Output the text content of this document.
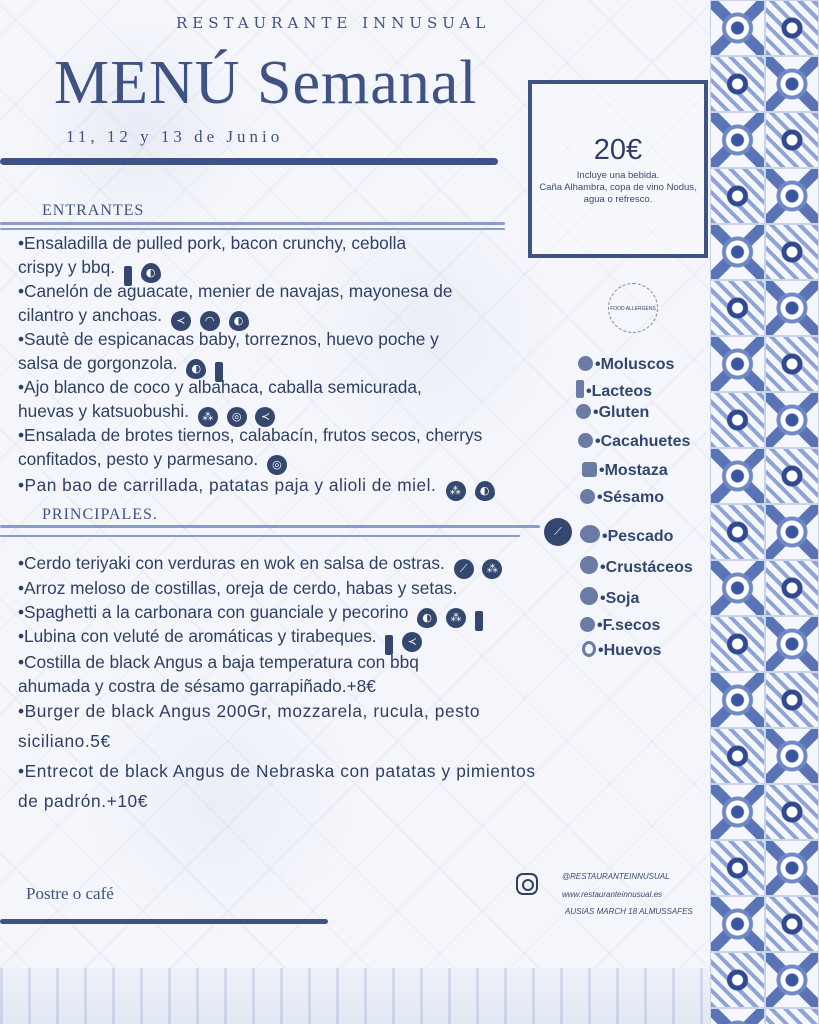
RESTAURANTE INNUSUAL
MENÚ Semanal
11, 12 y 13 de Junio	20€
Incluye una bebida.
Caña Alhambra, copa de vino Nodus,
agua o refresco.
FOOD ALLERGENS
ENTRANTES
•Ensaladilla de pulled pork, bacon crunchy, cebolla
crispy y bbq.	◐
•Canelón de aguacate, menier de navajas, mayonesa de
cilantro y anchoas. ≺ ◠ ◐
•Sautè de espicanacas baby, torreznos, huevo poche y
salsa de gorgonzola. ◐
•Ajo blanco de coco y albahaca, caballa semicurada,
huevas y katsuobushi. ⁂ ◎ ≺
•Ensalada de brotes tiernos, calabacín, frutos secos, cherrys
confitados, pesto y parmesano. ◎
•Pan bao de carrillada, patatas paja y alioli de miel. ⁂ ◐
PRINCIPALES.
⟋
•Cerdo teriyaki con verduras en wok en salsa de ostras. ⟋ ⁂
•Arroz meloso de costillas, oreja de cerdo, habas y setas.
•Spaghetti a la carbonara con guanciale y pecorino ◐ ⁂
•Lubina con veluté de aromáticas y tirabeques.	≺
•Costilla de black Angus a baja temperatura con bbq
ahumada y costra de sésamo garrapiñado.+8€
•Burger de black Angus 200Gr, mozzarela, rucula, pesto
siciliano.5€
•Entrecot de black Angus de Nebraska con patatas y pimientos
de padrón.+10€
•Moluscos
•Lacteos
•Gluten
•Cacahuetes
•Mostaza
•Sésamo
•Pescado
•Crustáceos
•Soja
•F.secos
•Huevos
Postre o café
@RESTAURANTEINNUSUAL
www.restauranteinnusual.es
AUSIAS MARCH 18 ALMUSSAFES
